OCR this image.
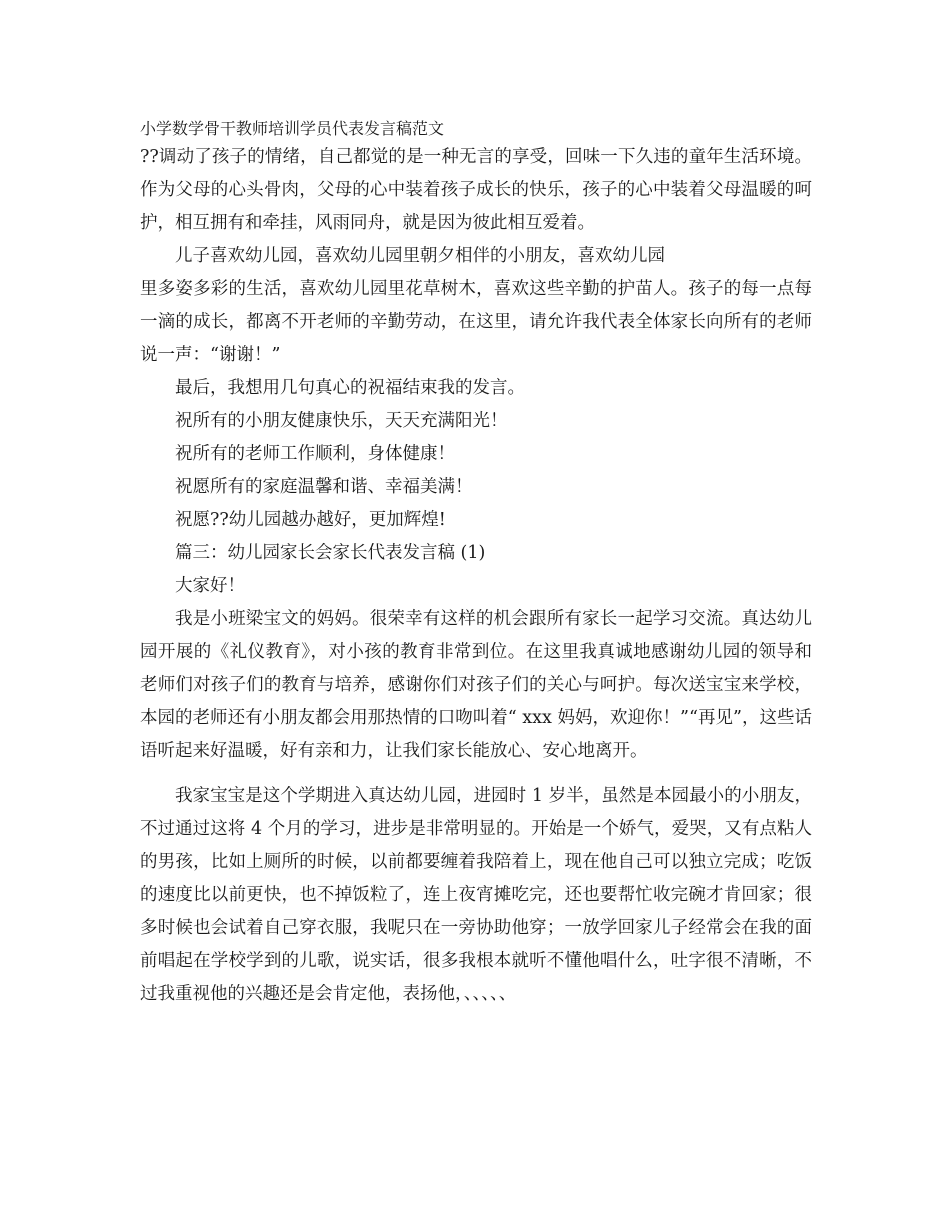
小学数学骨干教师培训学员代表发言稿范文

??调动了孩子的情绪，自己都觉的是一种无言的享受，回味一下久违的童年生活环境。作为父母的心头骨肉，父母的心中装着孩子成长的快乐，孩子的心中装着父母温暖的呵护，相互拥有和牵挂，风雨同舟，就是因为彼此相互爱着。

儿子喜欢幼儿园，喜欢幼儿园里朝夕相伴的小朋友，喜欢幼儿园

里多姿多彩的生活，喜欢幼儿园里花草树木，喜欢这些辛勤的护苗人。孩子的每一点每一滴的成长，都离不开老师的辛勤劳动，在这里，请允许我代表全体家长向所有的老师说一声：“谢谢！”

最后，我想用几句真心的祝福结束我的发言。

祝所有的小朋友健康快乐，天天充满阳光！

祝所有的老师工作顺利，身体健康！

祝愿所有的家庭温馨和谐、幸福美满！

祝愿??幼儿园越办越好，更加辉煌!

篇三：幼儿园家长会家长代表发言稿 (1)

大家好！

我是小班梁宝文的妈妈。很荣幸有这样的机会跟所有家长一起学习交流。真达幼儿园开展的《礼仪教育》，对小孩的教育非常到位。在这里我真诚地感谢幼儿园的领导和老师们对孩子们的教育与培养，感谢你们对孩子们的关心与呵护。每次送宝宝来学校，本园的老师还有小朋友都会用那热情的口吻叫着“ xxx 妈妈，欢迎你！”“再见”，这些话语听起来好温暖，好有亲和力，让我们家长能放心、安心地离开。

我家宝宝是这个学期进入真达幼儿园，进园时 1 岁半，虽然是本园最小的小朋友，不过通过这将 4 个月的学习，进步是非常明显的。开始是一个娇气，爱哭，又有点粘人的男孩，比如上厕所的时候，以前都要缠着我陪着上，现在他自己可以独立完成；吃饭的速度比以前更快，也不掉饭粒了，连上夜宵摊吃完，还也要帮忙收完碗才肯回家；很多时候也会试着自己穿衣服，我呢只在一旁协助他穿；一放学回家儿子经常会在我的面前唱起在学校学到的儿歌，说实话，很多我根本就听不懂他唱什么，吐字很不清晰，不过我重视他的兴趣还是会肯定他，表扬他，、、、、、
